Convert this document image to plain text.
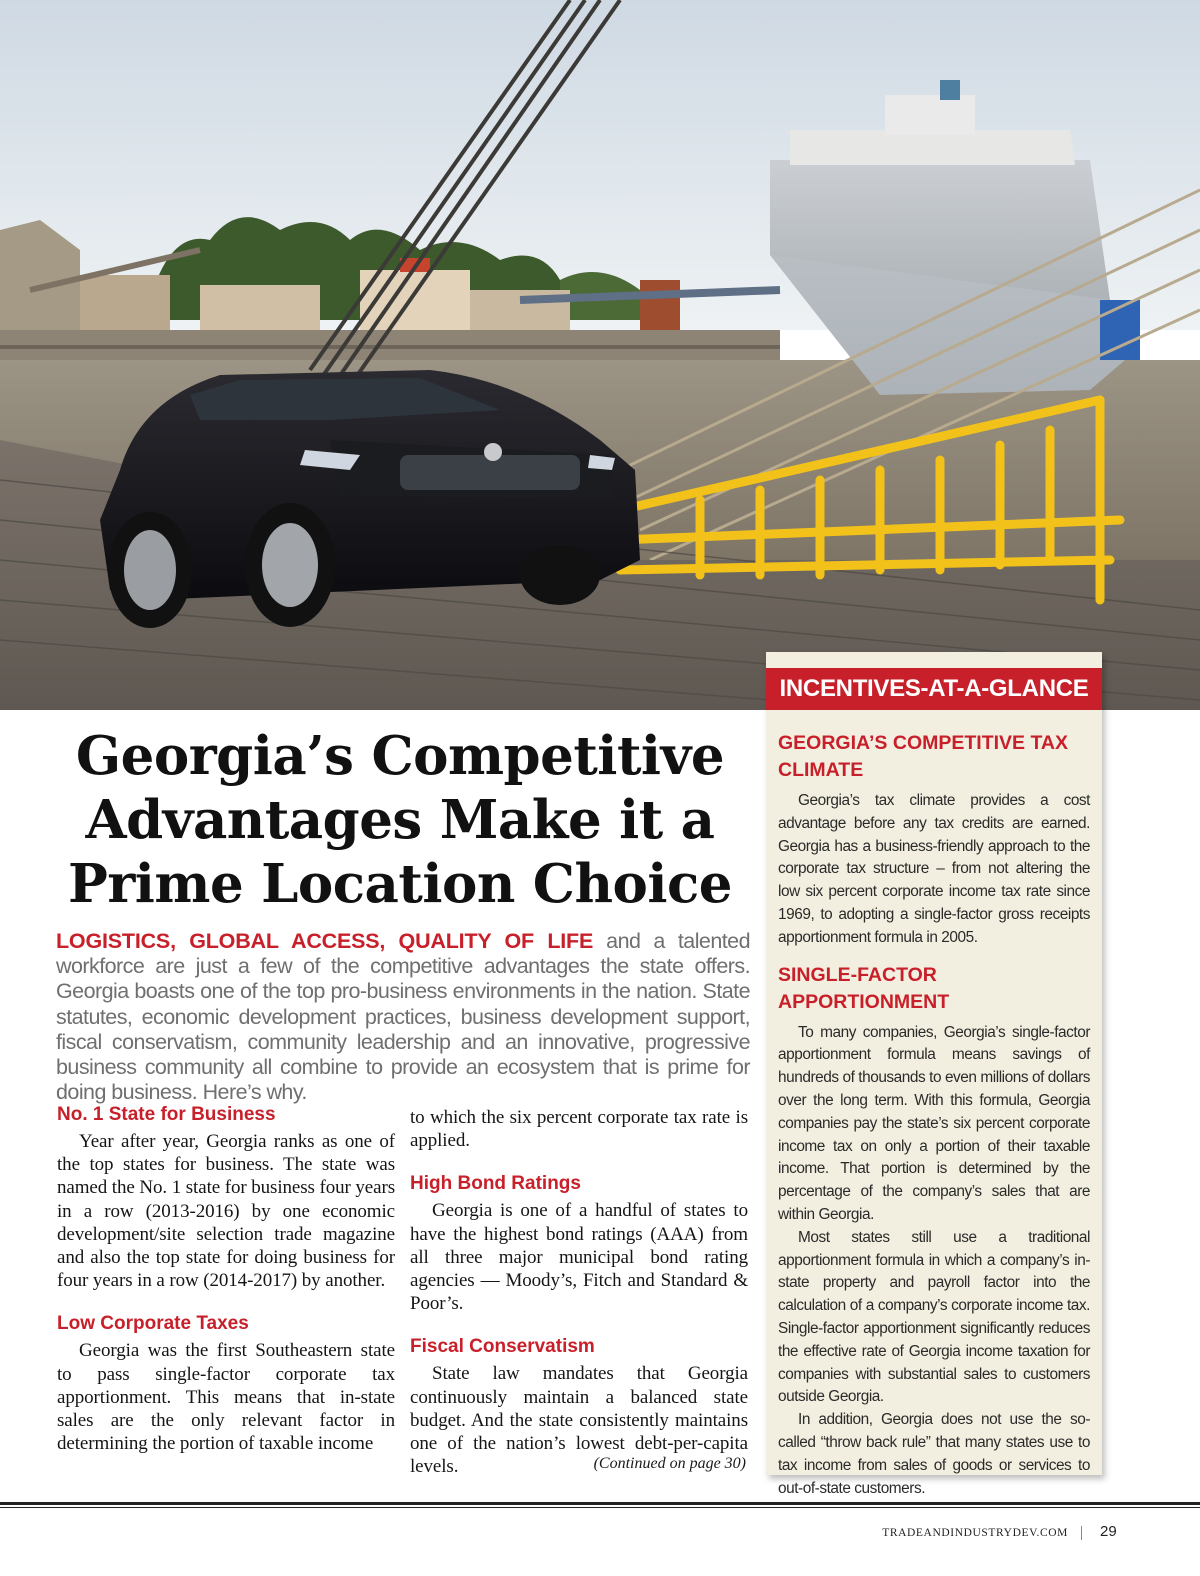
Georgia’s Competitive
Advantages Make it a
Prime Location Choice

LOGISTICS, GLOBAL ACCESS, QUALITY OF LIFE and a talented workforce are just a few of the competitive advantages the state offers. Georgia boasts one of the top pro-business environments in the nation. State statutes, economic development practices, business development support, fiscal conservatism, community leadership and an innovative, progressive business community all combine to provide an ecosystem that is prime for doing business. Here’s why.

No. 1 State for Business

Year after year, Georgia ranks as one of the top states for business. The state was named the No. 1 state for business four years in a row (2013-2016) by one economic development/site selection trade magazine and also the top state for doing business for four years in a row (2014-2017) by another.

Low Corporate Taxes

Georgia was the first Southeastern state to pass single-factor corporate tax apportionment. This means that in-state sales are the only relevant factor in determining the portion of taxable income

to which the six percent corporate tax rate is applied.

High Bond Ratings

Georgia is one of a handful of states to have the highest bond ratings (AAA) from all three major municipal bond rating agencies — Moody’s, Fitch and Standard & Poor’s.

Fiscal Conservatism

State law mandates that Georgia continuously maintain a balanced state budget. And the state consistently maintains one of the nation’s lowest debt-per-capita levels.	(Continued on page 30)
INCENTIVES-AT-A-GLANCE
GEORGIA’S COMPETITIVE TAX CLIMATE

Georgia’s tax climate provides a cost advantage before any tax credits are earned. Georgia has a business-friendly approach to the corporate tax structure – from not altering the low six percent corporate income tax rate since 1969, to adopting a single-factor gross receipts apportionment formula in 2005.

SINGLE-FACTOR APPORTIONMENT

To many companies, Georgia’s single-factor apportionment formula means savings of hundreds of thousands to even millions of dollars over the long term. With this formula, Georgia companies pay the state’s six percent corporate income tax on only a portion of their taxable income. That portion is determined by the percentage of the company’s sales that are within Georgia.

Most states still use a traditional apportionment formula in which a company’s in-state property and payroll factor into the calculation of a company’s corporate income tax. Single-factor apportionment significantly reduces the effective rate of Georgia income taxation for companies with substantial sales to customers outside Georgia.

In addition, Georgia does not use the so-called “throw back rule” that many states use to tax income from sales of goods or services to out-of-state customers.

TRADEANDINDUSTRYDEV.COM 29
